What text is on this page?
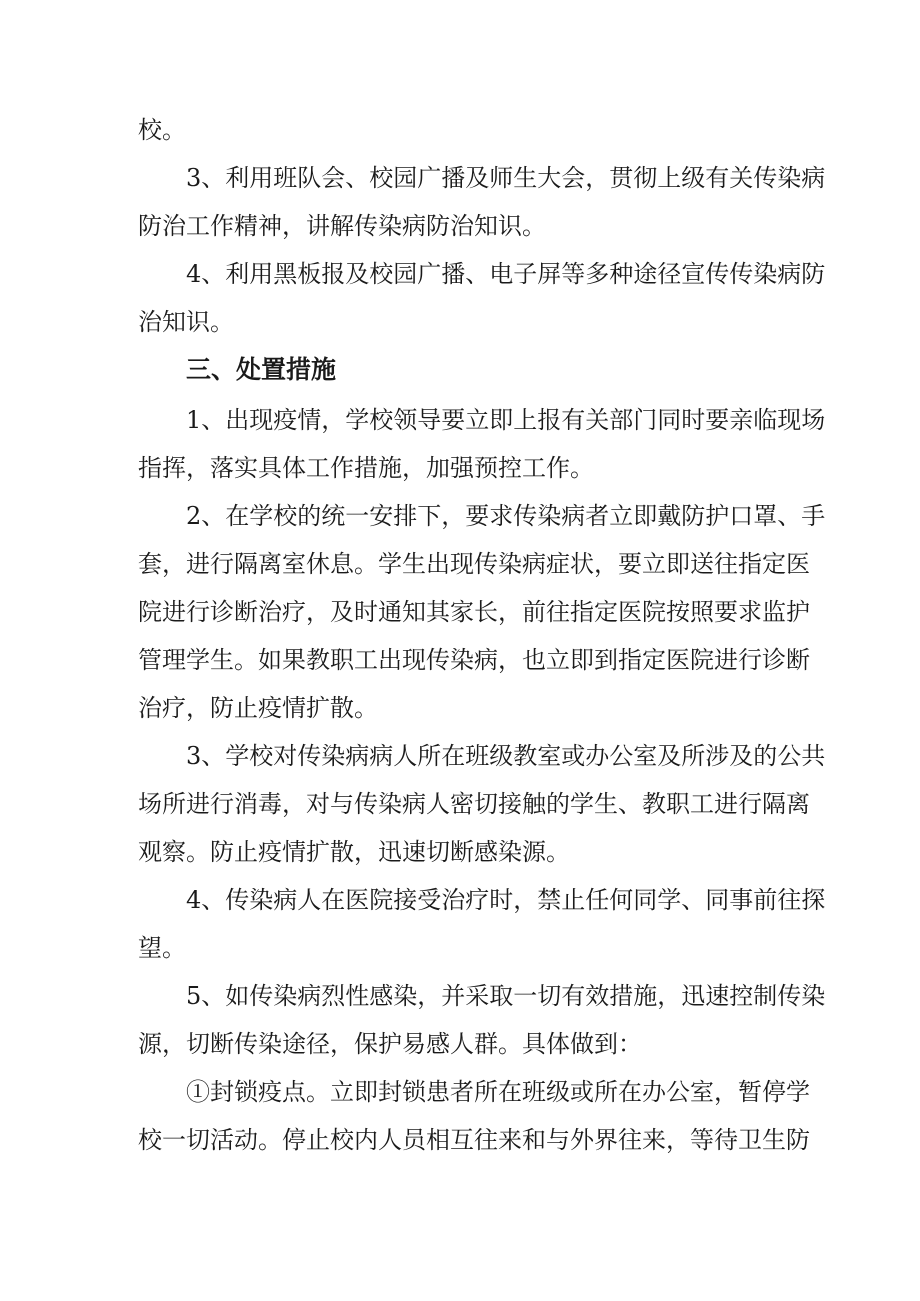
校。
3、利用班队会、校园广播及师生大会，贯彻上级有关传染病
防治工作精神，讲解传染病防治知识。
4、利用黑板报及校园广播、电子屏等多种途径宣传传染病防
治知识。
三、处置措施
1、出现疫情，学校领导要立即上报有关部门同时要亲临现场
指挥，落实具体工作措施，加强预控工作。
2、在学校的统一安排下，要求传染病者立即戴防护口罩、手
套，进行隔离室休息。学生出现传染病症状，要立即送往指定医
院进行诊断治疗，及时通知其家长，前往指定医院按照要求监护
管理学生。如果教职工出现传染病，也立即到指定医院进行诊断
治疗，防止疫情扩散。
3、学校对传染病病人所在班级教室或办公室及所涉及的公共
场所进行消毒，对与传染病人密切接触的学生、教职工进行隔离
观察。防止疫情扩散，迅速切断感染源。
4、传染病人在医院接受治疗时，禁止任何同学、同事前往探
望。
5、如传染病烈性感染，并采取一切有效措施，迅速控制传染
源，切断传染途径，保护易感人群。具体做到：
①封锁疫点。立即封锁患者所在班级或所在办公室，暂停学
校一切活动。停止校内人员相互往来和与外界往来，等待卫生防
